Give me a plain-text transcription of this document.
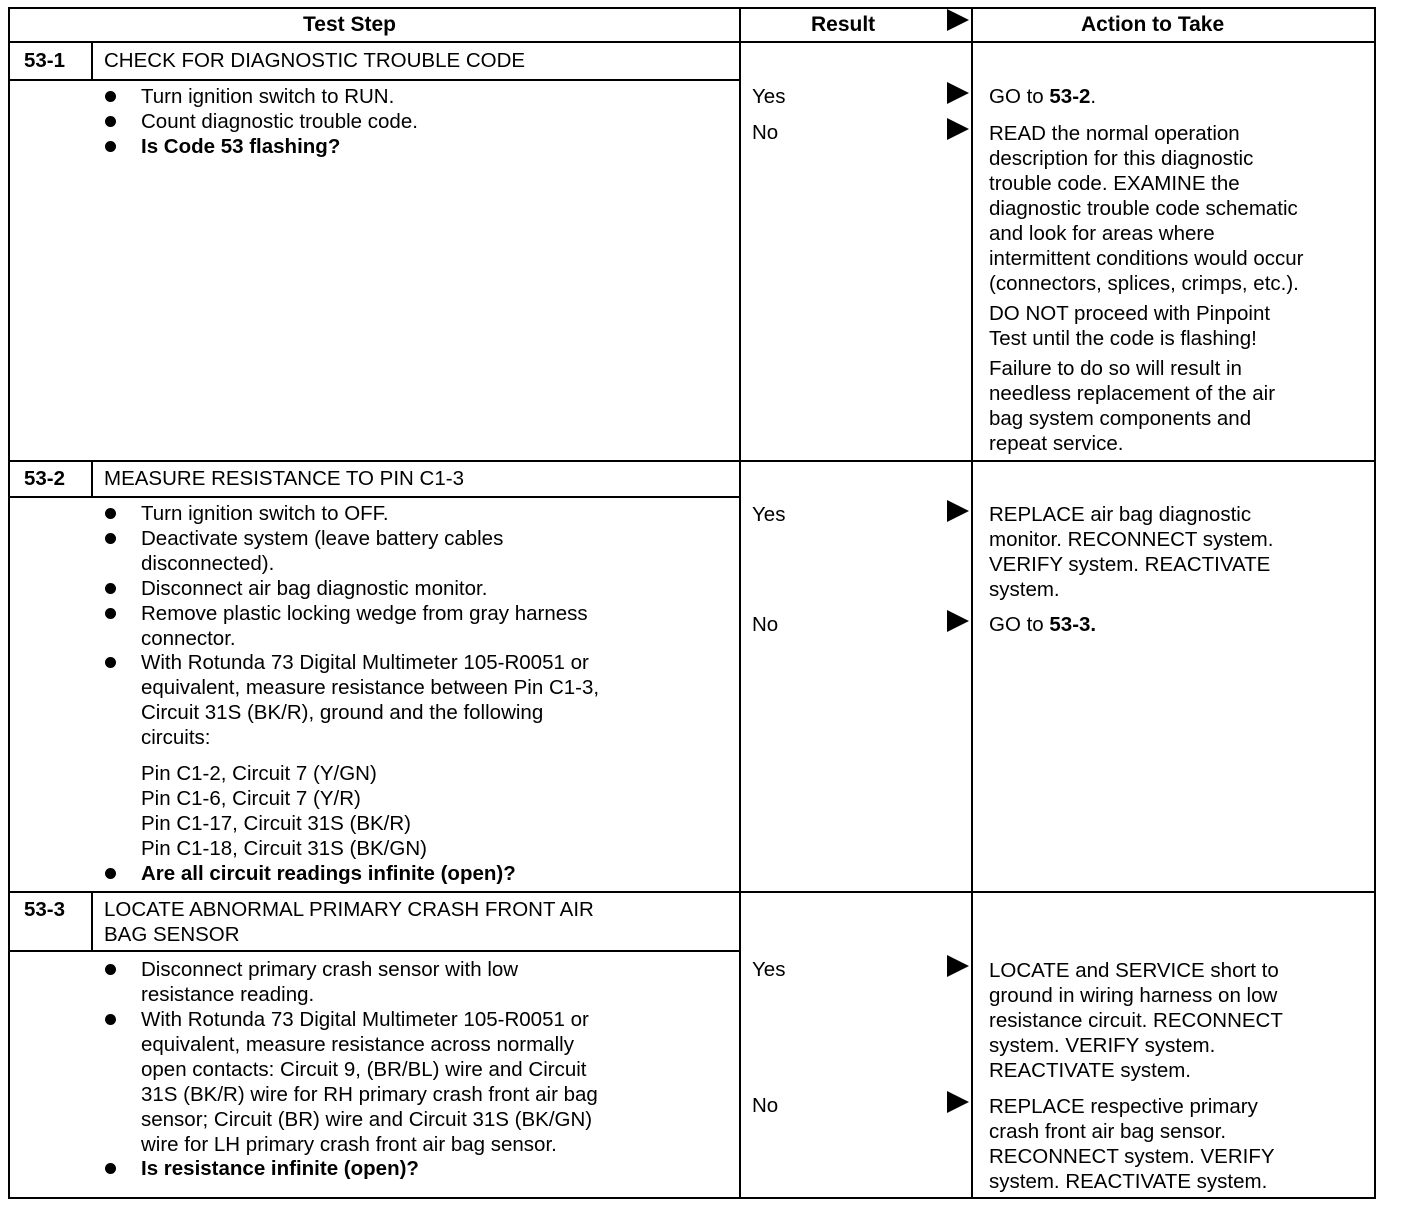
Test Step	Result	Action to Take
53-1 CHECK FOR DIAGNOSTIC TROUBLE CODE
Turn ignition switch to RUN.
Count diagnostic trouble code.
Is Code 53 flashing?
Yes	GO to 53-2.
No	READ the normal operation
description for this diagnostic
trouble code. EXAMINE the
diagnostic trouble code schematic
and look for areas where
intermittent conditions would occur
(connectors, splices, crimps, etc.).
DO NOT proceed with Pinpoint
Test until the code is flashing!
Failure to do so will result in
needless replacement of the air
bag system components and
repeat service.
53-2 MEASURE RESISTANCE TO PIN C1-3
Turn ignition switch to OFF.
Deactivate system (leave battery cables
disconnected).
Disconnect air bag diagnostic monitor.
Remove plastic locking wedge from gray harness
connector.
With Rotunda 73 Digital Multimeter 105-R0051 or
equivalent, measure resistance between Pin C1-3,
Circuit 31S (BK/R), ground and the following
circuits:
Pin C1-2, Circuit 7 (Y/GN)
Pin C1-6, Circuit 7 (Y/R)
Pin C1-17, Circuit 31S (BK/R)
Pin C1-18, Circuit 31S (BK/GN)
Are all circuit readings infinite (open)?
Yes	REPLACE air bag diagnostic
monitor. RECONNECT system.
VERIFY system. REACTIVATE
system.
No	GO to 53-3.
53-3 LOCATE ABNORMAL PRIMARY CRASH FRONT AIR
BAG SENSOR
Disconnect primary crash sensor with low
resistance reading.
With Rotunda 73 Digital Multimeter 105-R0051 or
equivalent, measure resistance across normally
open contacts: Circuit 9, (BR/BL) wire and Circuit
31S (BK/R) wire for RH primary crash front air bag
sensor; Circuit (BR) wire and Circuit 31S (BK/GN)
wire for LH primary crash front air bag sensor.
Is resistance infinite (open)?
Yes	LOCATE and SERVICE short to
ground in wiring harness on low
resistance circuit. RECONNECT
system. VERIFY system.
REACTIVATE system.
No	REPLACE respective primary
crash front air bag sensor.
RECONNECT system. VERIFY
system. REACTIVATE system.
